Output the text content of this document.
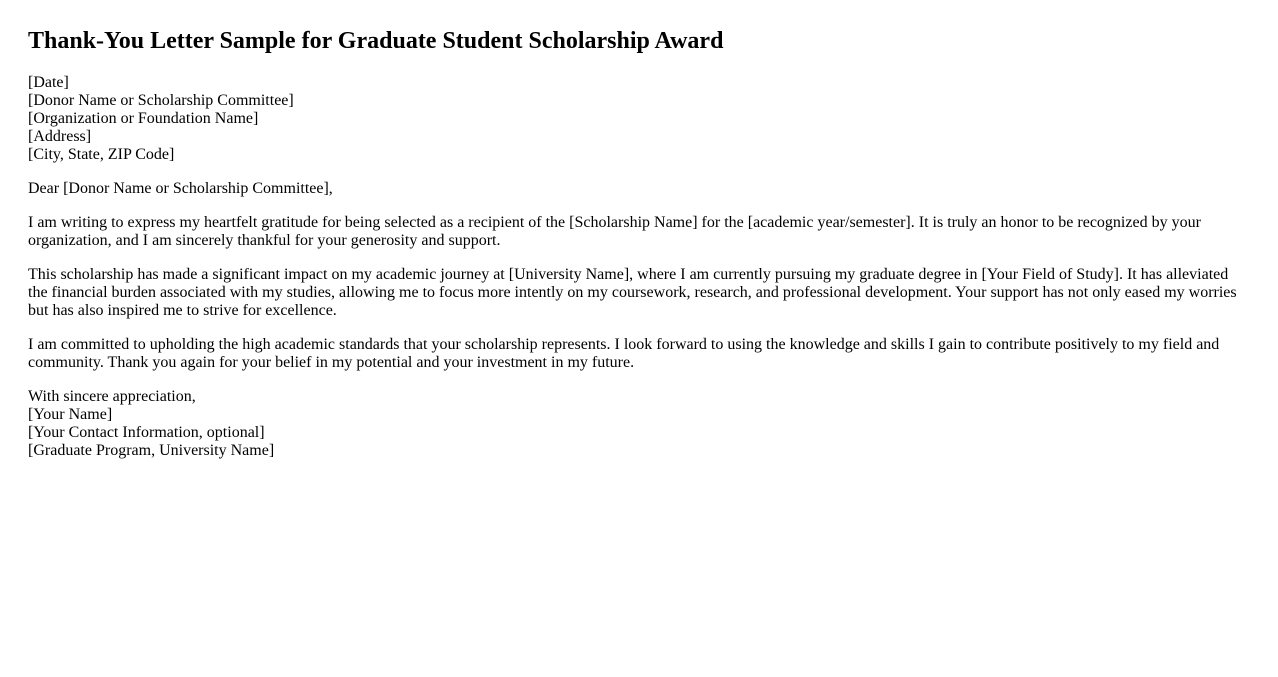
Thank-You Letter Sample for Graduate Student Scholarship Award
[Date]
[Donor Name or Scholarship Committee]
[Organization or Foundation Name]
[Address]
[City, State, ZIP Code]

Dear [Donor Name or Scholarship Committee],

I am writing to express my heartfelt gratitude for being selected as a recipient of the [Scholarship Name] for the [academic year/semester]. It is truly an honor to be recognized by your organization, and I am sincerely thankful for your generosity and support.

This scholarship has made a significant impact on my academic journey at [University Name], where I am currently pursuing my graduate degree in [Your Field of Study]. It has alleviated the financial burden associated with my studies, allowing me to focus more intently on my coursework, research, and professional development. Your support has not only eased my worries but has also inspired me to strive for excellence.

I am committed to upholding the high academic standards that your scholarship represents. I look forward to using the knowledge and skills I gain to contribute positively to my field and community. Thank you again for your belief in my potential and your investment in my future.

With sincere appreciation,
[Your Name]
[Your Contact Information, optional]
[Graduate Program, University Name]
